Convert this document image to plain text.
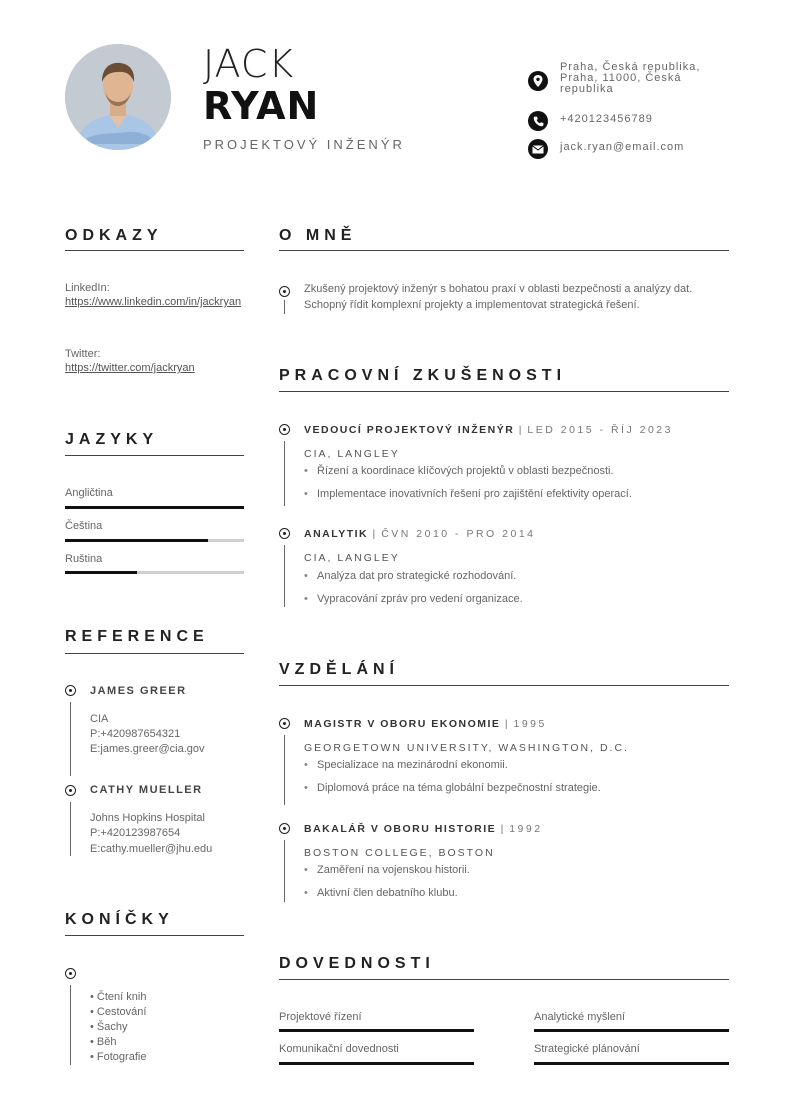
JACK
RYAN
PROJEKTOVÝ INŽENÝR
Praha, Česká republika, Praha, 11000, Česká republika
+420123456789
jack.ryan@email.com
ODKAZY
LinkedIn:
https://www.linkedin.com/in/jackryan
Twitter:
https://twitter.com/jackryan
JAZYKY
Angličtina
Čeština
Ruština
REFERENCE
JAMES GREER
CIA
P:+420987654321
E:james.greer@cia.gov
CATHY MUELLER
Johns Hopkins Hospital
P:+420123987654
E:cathy.mueller@jhu.edu
KONÍČKY
• Čtení knih
• Cestování
• Šachy
• Běh
• Fotografie
O MNĚ
Zkušený projektový inženýr s bohatou praxí v oblasti bezpečnosti a analýzy dat. Schopný řídit komplexní projekty a implementovat strategická řešení.
PRACOVNÍ ZKUŠENOSTI
VEDOUCÍ PROJEKTOVÝ INŽENÝR | LED 2015 - ŘÍJ 2023
CIA, LANGLEY
• Řízení a koordinace klíčových projektů v oblasti bezpečnosti.
• Implementace inovativních řešení pro zajištění efektivity operací.
ANALYTIK | ČVN 2010 - PRO 2014
CIA, LANGLEY
• Analýza dat pro strategické rozhodování.
• Vypracování zpráv pro vedení organizace.
VZDĚLÁNÍ
MAGISTR V OBORU EKONOMIE | 1995
GEORGETOWN UNIVERSITY, WASHINGTON, D.C.
• Specializace na mezinárodní ekonomii.
• Diplomová práce na téma globální bezpečnostní strategie.
BAKALÁŘ V OBORU HISTORIE | 1992
BOSTON COLLEGE, BOSTON
• Zaměření na vojenskou historii.
• Aktivní člen debatního klubu.
DOVEDNOSTI
Projektové řízení	Analytické myšlení
Komunikační dovednosti	Strategické plánování
